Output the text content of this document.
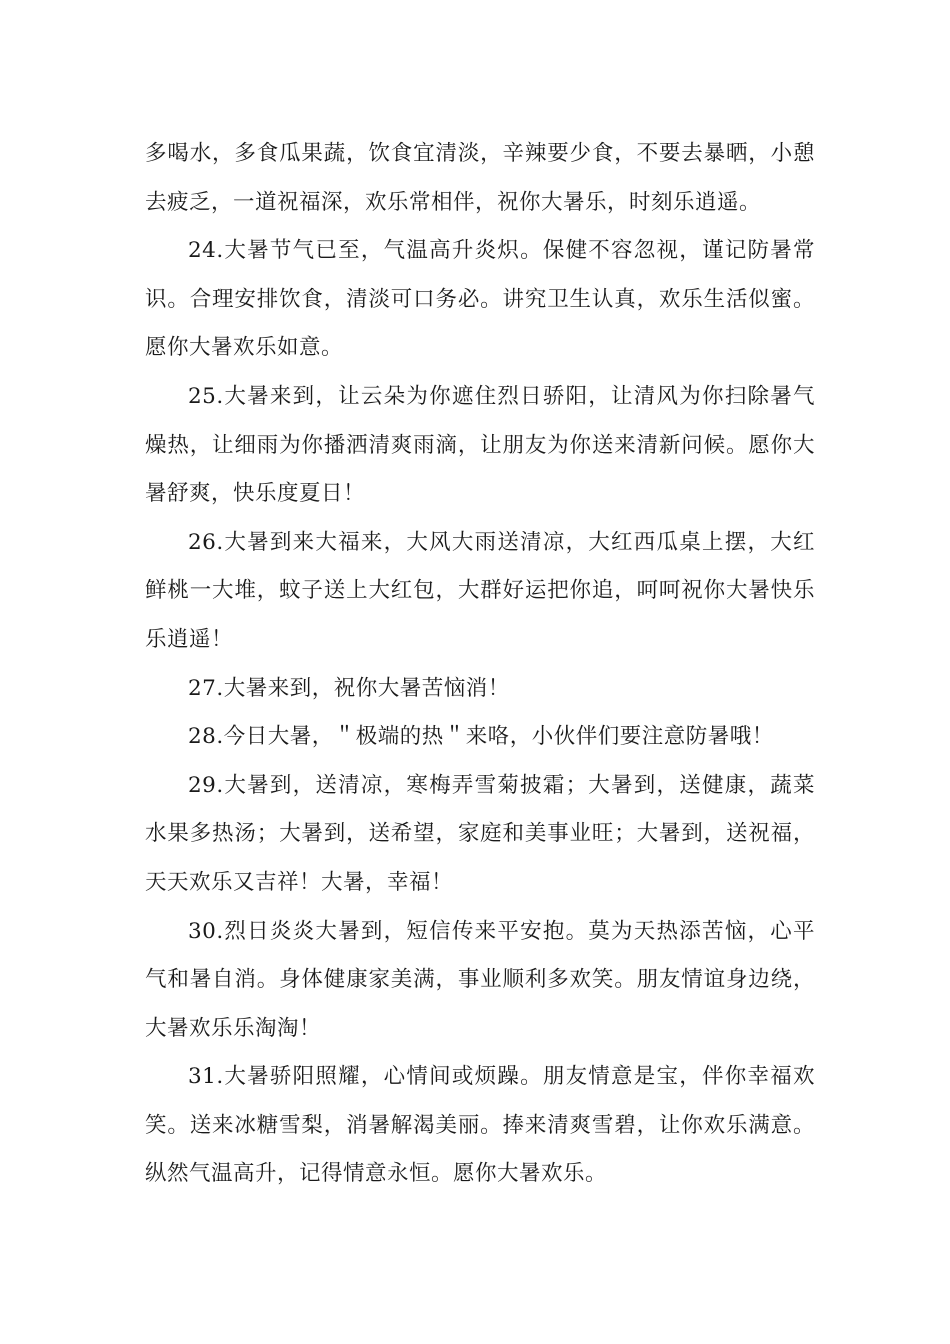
多喝水，多食瓜果蔬，饮食宜清淡，辛辣要少食，不要去暴晒，小憩去疲乏，一道祝福深，欢乐常相伴，祝你大暑乐，时刻乐逍遥。

24.大暑节气已至，气温高升炎炽。保健不容忽视，谨记防暑常识。合理安排饮食，清淡可口务必。讲究卫生认真，欢乐生活似蜜。愿你大暑欢乐如意。

25.大暑来到，让云朵为你遮住烈日骄阳，让清风为你扫除暑气燥热，让细雨为你播洒清爽雨滴，让朋友为你送来清新问候。愿你大暑舒爽，快乐度夏日！

26.大暑到来大福来，大风大雨送清凉，大红西瓜桌上摆，大红鲜桃一大堆，蚊子送上大红包，大群好运把你追，呵呵祝你大暑快乐乐逍遥！

27.大暑来到，祝你大暑苦恼消！

28.今日大暑，＂极端的热＂来咯，小伙伴们要注意防暑哦！

29.大暑到，送清凉，寒梅弄雪菊披霜；大暑到，送健康，蔬菜水果多热汤；大暑到，送希望，家庭和美事业旺；大暑到，送祝福，天天欢乐又吉祥！大暑，幸福！

30.烈日炎炎大暑到，短信传来平安抱。莫为天热添苦恼，心平气和暑自消。身体健康家美满，事业顺利多欢笑。朋友情谊身边绕，大暑欢乐乐淘淘！

31.大暑骄阳照耀，心情间或烦躁。朋友情意是宝，伴你幸福欢笑。送来冰糖雪梨，消暑解渴美丽。捧来清爽雪碧，让你欢乐满意。纵然气温高升，记得情意永恒。愿你大暑欢乐。
